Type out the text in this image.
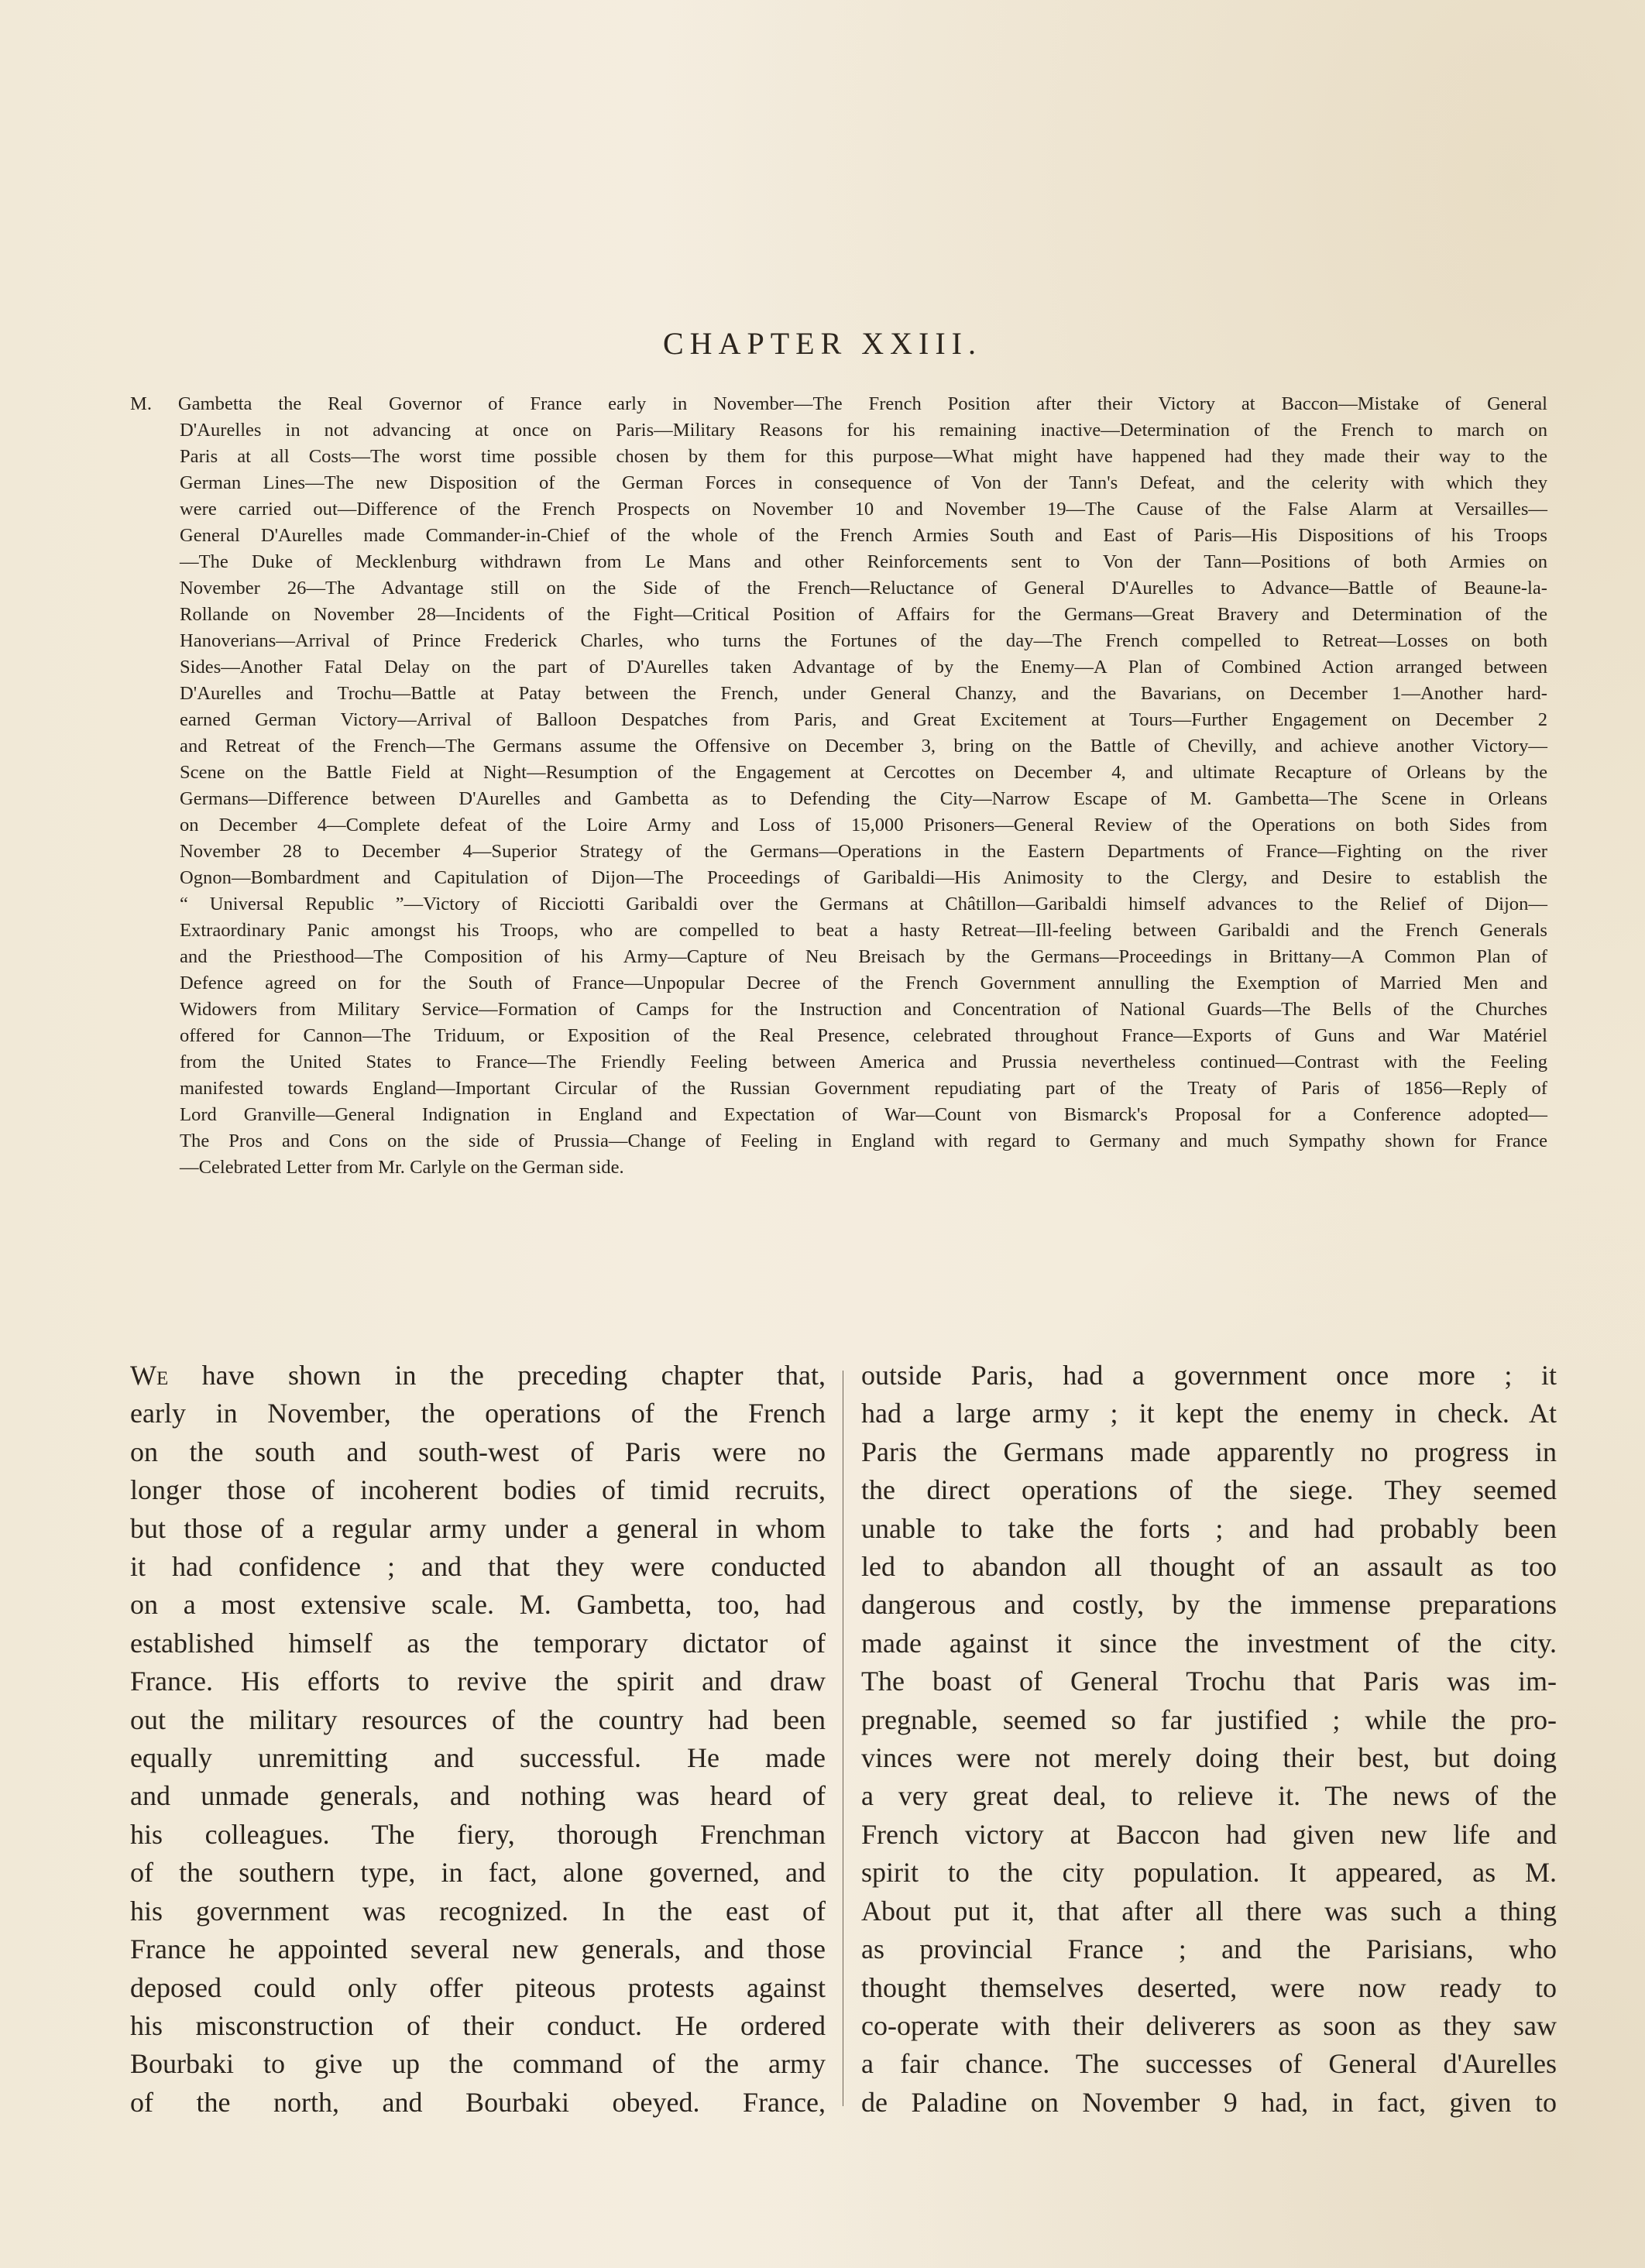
CHAPTER XXIII.
M. Gambetta the Real Governor of France early in November—The French Position after their Victory at Baccon—Mistake of General
D'Aurelles in not advancing at once on Paris—Military Reasons for his remaining inactive—Determination of the French to march on
Paris at all Costs—The worst time possible chosen by them for this purpose—What might have happened had they made their way to the
German Lines—The new Disposition of the German Forces in consequence of Von der Tann's Defeat, and the celerity with which they
were carried out—Difference of the French Prospects on November 10 and November 19—The Cause of the False Alarm at Versailles—
General D'Aurelles made Commander-in-Chief of the whole of the French Armies South and East of Paris—His Dispositions of his Troops
—The Duke of Mecklenburg withdrawn from Le Mans and other Reinforcements sent to Von der Tann—Positions of both Armies on
November 26—The Advantage still on the Side of the French—Reluctance of General D'Aurelles to Advance—Battle of Beaune-la-
Rollande on November 28—Incidents of the Fight—Critical Position of Affairs for the Germans—Great Bravery and Determination of the
Hanoverians—Arrival of Prince Frederick Charles, who turns the Fortunes of the day—The French compelled to Retreat—Losses on both
Sides—Another Fatal Delay on the part of D'Aurelles taken Advantage of by the Enemy—A Plan of Combined Action arranged between
D'Aurelles and Trochu—Battle at Patay between the French, under General Chanzy, and the Bavarians, on December 1—Another hard-
earned German Victory—Arrival of Balloon Despatches from Paris, and Great Excitement at Tours—Further Engagement on December 2
and Retreat of the French—The Germans assume the Offensive on December 3, bring on the Battle of Chevilly, and achieve another Victory—
Scene on the Battle Field at Night—Resumption of the Engagement at Cercottes on December 4, and ultimate Recapture of Orleans by the
Germans—Difference between D'Aurelles and Gambetta as to Defending the City—Narrow Escape of M. Gambetta—The Scene in Orleans
on December 4—Complete defeat of the Loire Army and Loss of 15,000 Prisoners—General Review of the Operations on both Sides from
November 28 to December 4—Superior Strategy of the Germans—Operations in the Eastern Departments of France—Fighting on the river
Ognon—Bombardment and Capitulation of Dijon—The Proceedings of Garibaldi—His Animosity to the Clergy, and Desire to establish the
“ Universal Republic ”—Victory of Ricciotti Garibaldi over the Germans at Châtillon—Garibaldi himself advances to the Relief of Dijon—
Extraordinary Panic amongst his Troops, who are compelled to beat a hasty Retreat—Ill-feeling between Garibaldi and the French Generals
and the Priesthood—The Composition of his Army—Capture of Neu Breisach by the Germans—Proceedings in Brittany—A Common Plan of
Defence agreed on for the South of France—Unpopular Decree of the French Government annulling the Exemption of Married Men and
Widowers from Military Service—Formation of Camps for the Instruction and Concentration of National Guards—The Bells of the Churches
offered for Cannon—The Triduum, or Exposition of the Real Presence, celebrated throughout France—Exports of Guns and War Matériel
from the United States to France—The Friendly Feeling between America and Prussia nevertheless continued—Contrast with the Feeling
manifested towards England—Important Circular of the Russian Government repudiating part of the Treaty of Paris of 1856—Reply of
Lord Granville—General Indignation in England and Expectation of War—Count von Bismarck's Proposal for a Conference adopted—
The Pros and Cons on the side of Prussia—Change of Feeling in England with regard to Germany and much Sympathy shown for France
—Celebrated Letter from Mr. Carlyle on the German side.
We have shown in the preceding chapter that,
early in November, the operations of the French
on the south and south-west of Paris were no
longer those of incoherent bodies of timid recruits,
but those of a regular army under a general in whom
it had confidence ; and that they were conducted
on a most extensive scale. M. Gambetta, too, had
established himself as the temporary dictator of
France. His efforts to revive the spirit and draw
out the military resources of the country had been
equally unremitting and successful. He made
and unmade generals, and nothing was heard of
his colleagues. The fiery, thorough Frenchman
of the southern type, in fact, alone governed, and
his government was recognized. In the east of
France he appointed several new generals, and those
deposed could only offer piteous protests against
his misconstruction of their conduct. He ordered
Bourbaki to give up the command of the army
of the north, and Bourbaki obeyed. France,
outside Paris, had a government once more ; it
had a large army ; it kept the enemy in check. At
Paris the Germans made apparently no progress in
the direct operations of the siege. They seemed
unable to take the forts ; and had probably been
led to abandon all thought of an assault as too
dangerous and costly, by the immense preparations
made against it since the investment of the city.
The boast of General Trochu that Paris was im-
pregnable, seemed so far justified ; while the pro-
vinces were not merely doing their best, but doing
a very great deal, to relieve it. The news of the
French victory at Baccon had given new life and
spirit to the city population. It appeared, as M.
About put it, that after all there was such a thing
as provincial France ; and the Parisians, who
thought themselves deserted, were now ready to
co-operate with their deliverers as soon as they saw
a fair chance. The successes of General d'Aurelles
de Paladine on November 9 had, in fact, given to
